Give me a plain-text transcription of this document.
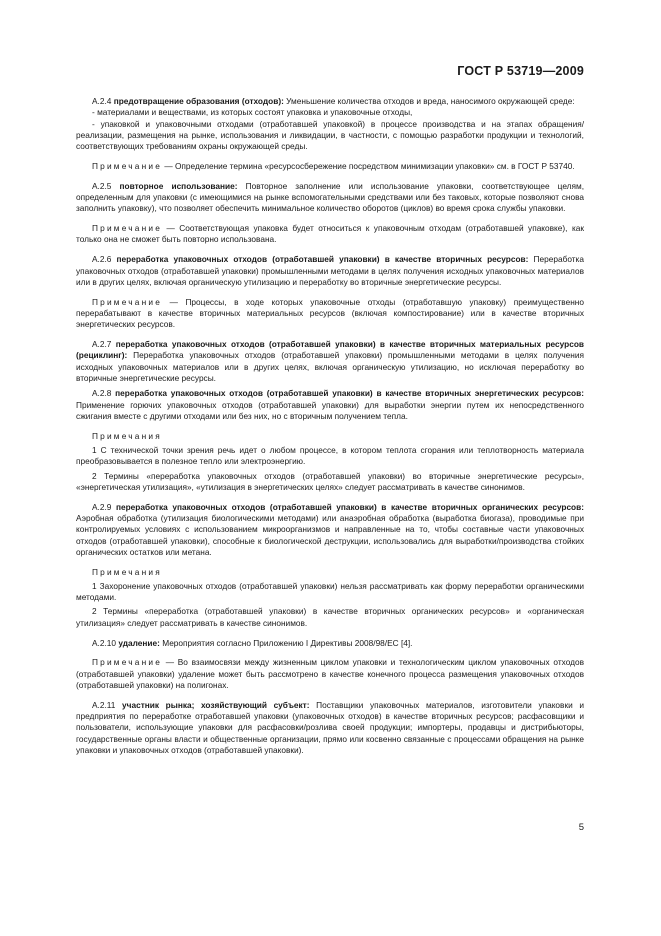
ГОСТ Р 53719—2009

A.2.4 предотвращение образования (отходов): Уменьшение количества отходов и вреда, наносимого окружающей среде:

- материалами и веществами, из которых состоят упаковка и упаковочные отходы,

- упаковкой и упаковочными отходами (отработавшей упаковкой) в процессе производства и на этапах обращения/реализации, размещения на рынке, использования и ликвидации, в частности, с помощью разработки продукции и технологий, соответствующих требованиям охраны окружающей среды.

Примечание — Определение термина «ресурсосбережение посредством минимизации упаковки» см. в ГОСТ Р 53740.

A.2.5 повторное использование: Повторное заполнение или использование упаковки, соответствующее целям, определенным для упаковки (с имеющимися на рынке вспомогательными средствами или без таковых, которые позволяют снова заполнить упаковку), что позволяет обеспечить минимальное количество оборотов (циклов) во время срока службы упаковки.

Примечание — Соответствующая упаковка будет относиться к упаковочным отходам (отработавшей упаковке), как только она не сможет быть повторно использована.

A.2.6 переработка упаковочных отходов (отработавшей упаковки) в качестве вторичных ресурсов: Переработка упаковочных отходов (отработавшей упаковки) промышленными методами в целях получения исходных упаковочных материалов или в других целях, включая органическую утилизацию и переработку во вторичные энергетические ресурсы.

Примечание — Процессы, в ходе которых упаковочные отходы (отработавшую упаковку) преимущественно перерабатывают в качестве вторичных материальных ресурсов (включая компостирование) или в качестве вторичных энергетических ресурсов.

A.2.7 переработка упаковочных отходов (отработавшей упаковки) в качестве вторичных материальных ресурсов (рециклинг): Переработка упаковочных отходов (отработавшей упаковки) промышленными методами в целях получения исходных упаковочных материалов или в других целях, включая органическую утилизацию, но исключая переработку во вторичные энергетические ресурсы.

A.2.8 переработка упаковочных отходов (отработавшей упаковки) в качестве вторичных энергетических ресурсов: Применение горючих упаковочных отходов (отработавшей упаковки) для выработки энергии путем их непосредственного сжигания вместе с другими отходами или без них, но с вторичным получением тепла.

Примечания

1 С технической точки зрения речь идет о любом процессе, в котором теплота сгорания или теплотворность материала преобразовывается в полезное тепло или электроэнергию.

2 Термины «переработка упаковочных отходов (отработавшей упаковки) во вторичные энергетические ресурсы», «энергетическая утилизация», «утилизация в энергетических целях» следует рассматривать в качестве синонимов.

A.2.9 переработка упаковочных отходов (отработавшей упаковки) в качестве вторичных органических ресурсов: Аэробная обработка (утилизация биологическими методами) или анаэробная обработка (выработка биогаза), проводимые при контролируемых условиях с использованием микроорганизмов и направленные на то, чтобы составные части упаковочных отходов (отработавшей упаковки), способные к биологической деструкции, использовались для выработки/производства стойких органических остатков или метана.

Примечания

1 Захоронение упаковочных отходов (отработавшей упаковки) нельзя рассматривать как форму переработки органическими методами.

2 Термины «переработка (отработавшей упаковки) в качестве вторичных органических ресурсов» и «органическая утилизация» следует рассматривать в качестве синонимов.

A.2.10 удаление: Мероприятия согласно Приложению I Директивы 2008/98/EC [4].

Примечание — Во взаимосвязи между жизненным циклом упаковки и технологическим циклом упаковочных отходов (отработавшей упаковки) удаление может быть рассмотрено в качестве конечного процесса размещения упаковочных отходов (отработавшей упаковки) на полигонах.

A.2.11 участник рынка; хозяйствующий субъект: Поставщики упаковочных материалов, изготовители упаковки и предприятия по переработке отработавшей упаковки (упаковочных отходов) в качестве вторичных ресурсов; расфасовщики и пользователи, использующие упаковки для расфасовки/розлива своей продукции; импортеры, продавцы и дистрибьюторы, государственные органы власти и общественные организации, прямо или косвенно связанные с процессами обращения на рынке упаковки и упаковочных отходов (отработавшей упаковки).

5
